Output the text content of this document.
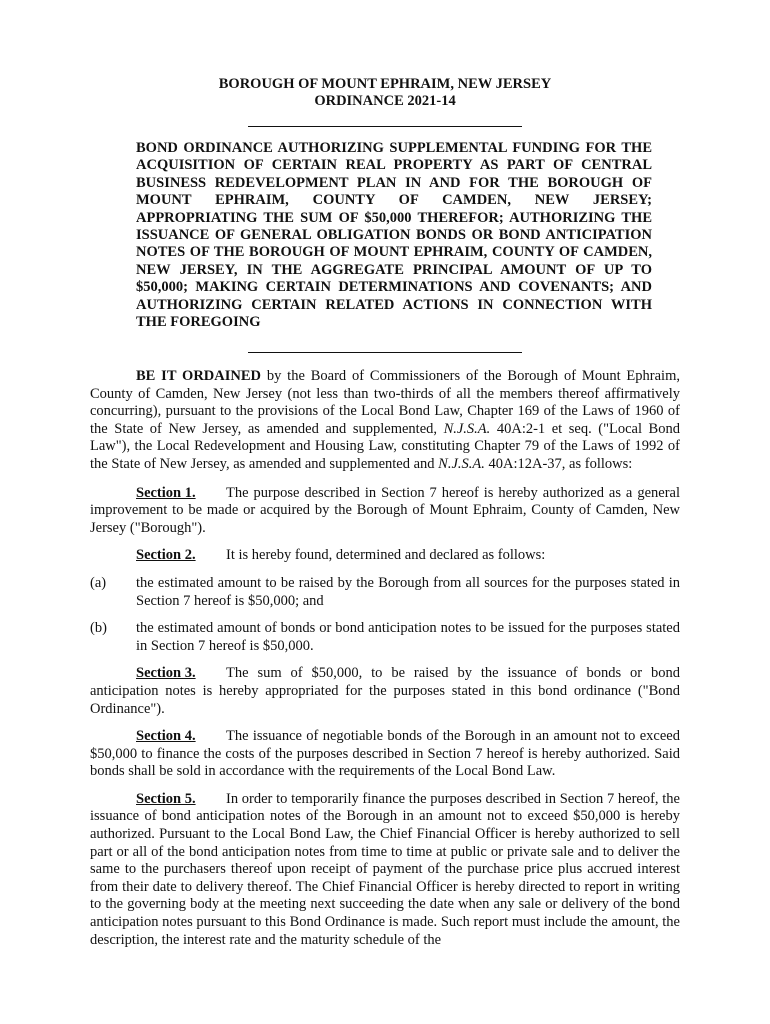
BOROUGH OF MOUNT EPHRAIM, NEW JERSEY
ORDINANCE 2021-14
BOND ORDINANCE AUTHORIZING SUPPLEMENTAL FUNDING FOR THE ACQUISITION OF CERTAIN REAL PROPERTY AS PART OF CENTRAL BUSINESS REDEVELOPMENT PLAN IN AND FOR THE BOROUGH OF MOUNT EPHRAIM, COUNTY OF CAMDEN, NEW JERSEY; APPROPRIATING THE SUM OF $50,000 THEREFOR; AUTHORIZING THE ISSUANCE OF GENERAL OBLIGATION BONDS OR BOND ANTICIPATION NOTES OF THE BOROUGH OF MOUNT EPHRAIM, COUNTY OF CAMDEN, NEW JERSEY, IN THE AGGREGATE PRINCIPAL AMOUNT OF UP TO $50,000; MAKING CERTAIN DETERMINATIONS AND COVENANTS; AND AUTHORIZING CERTAIN RELATED ACTIONS IN CONNECTION WITH THE FOREGOING

BE IT ORDAINED by the Board of Commissioners of the Borough of Mount Ephraim, County of Camden, New Jersey (not less than two-thirds of all the members thereof affirmatively concurring), pursuant to the provisions of the Local Bond Law, Chapter 169 of the Laws of 1960 of the State of New Jersey, as amended and supplemented, N.J.S.A. 40A:2-1 et seq. ("Local Bond Law"), the Local Redevelopment and Housing Law, constituting Chapter 79 of the Laws of 1992 of the State of New Jersey, as amended and supplemented and N.J.S.A. 40A:12A-37, as follows:

Section 1. The purpose described in Section 7 hereof is hereby authorized as a general improvement to be made or acquired by the Borough of Mount Ephraim, County of Camden, New Jersey ("Borough").

Section 2. It is hereby found, determined and declared as follows:

(a)	the estimated amount to be raised by the Borough from all sources for the purposes stated in Section 7 hereof is $50,000; and
(b)	the estimated amount of bonds or bond anticipation notes to be issued for the purposes stated in Section 7 hereof is $50,000.

Section 3. The sum of $50,000, to be raised by the issuance of bonds or bond anticipation notes is hereby appropriated for the purposes stated in this bond ordinance ("Bond Ordinance").

Section 4. The issuance of negotiable bonds of the Borough in an amount not to exceed $50,000 to finance the costs of the purposes described in Section 7 hereof is hereby authorized. Said bonds shall be sold in accordance with the requirements of the Local Bond Law.

Section 5. In order to temporarily finance the purposes described in Section 7 hereof, the issuance of bond anticipation notes of the Borough in an amount not to exceed $50,000 is hereby authorized. Pursuant to the Local Bond Law, the Chief Financial Officer is hereby authorized to sell part or all of the bond anticipation notes from time to time at public or private sale and to deliver the same to the purchasers thereof upon receipt of payment of the purchase price plus accrued interest from their date to delivery thereof. The Chief Financial Officer is hereby directed to report in writing to the governing body at the meeting next succeeding the date when any sale or delivery of the bond anticipation notes pursuant to this Bond Ordinance is made. Such report must include the amount, the description, the interest rate and the maturity schedule of the
